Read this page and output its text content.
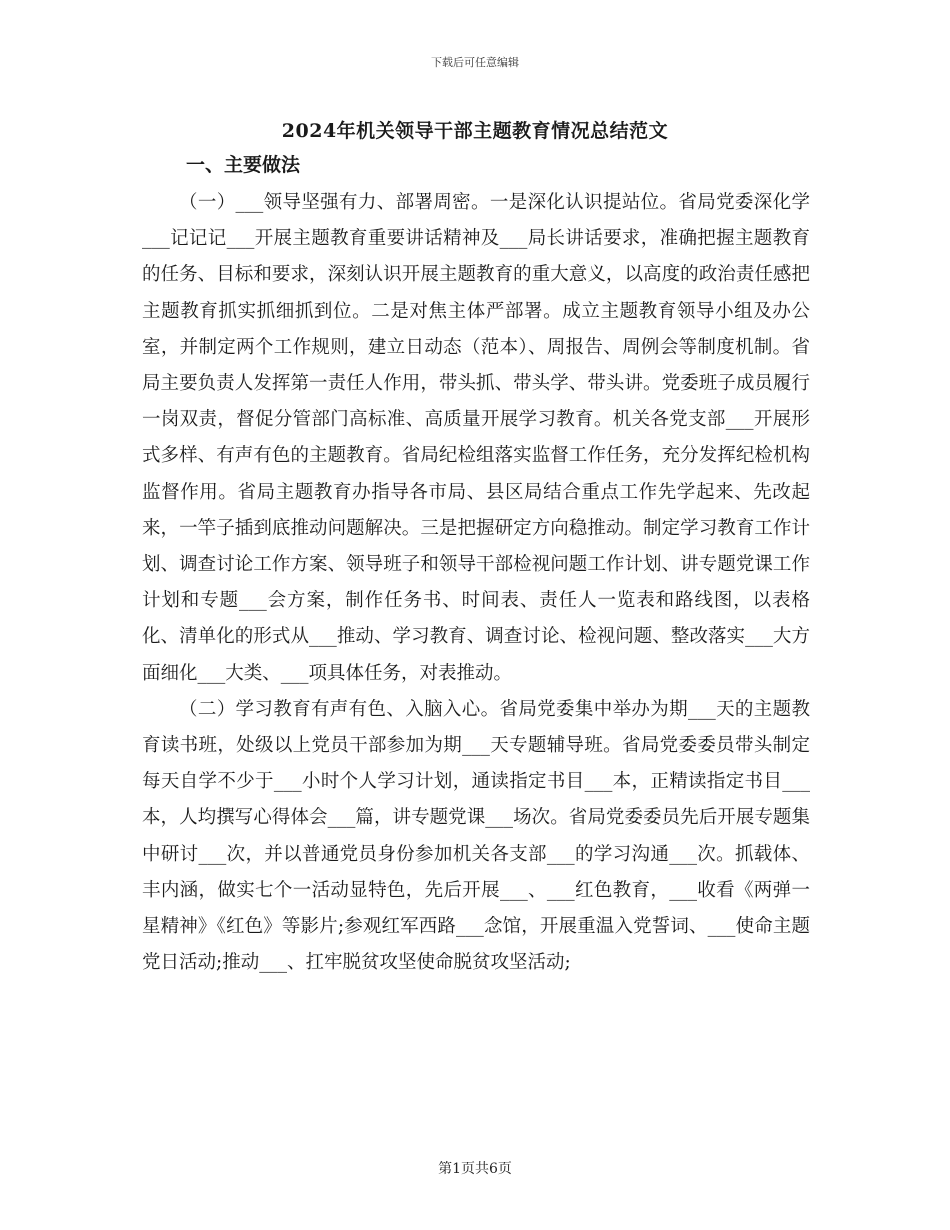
下载后可任意编辑
2024年机关领导干部主题教育情况总结范文
一、主要做法

（一）___领导坚强有力、部署周密。一是深化认识提站位。省局党委深化学___记记记___开展主题教育重要讲话精神及___局长讲话要求，准确把握主题教育的任务、目标和要求，深刻认识开展主题教育的重大意义，以高度的政治责任感把主题教育抓实抓细抓到位。二是对焦主体严部署。成立主题教育领导小组及办公室，并制定两个工作规则，建立日动态（范本）、周报告、周例会等制度机制。省局主要负责人发挥第一责任人作用，带头抓、带头学、带头讲。党委班子成员履行一岗双责，督促分管部门高标准、高质量开展学习教育。机关各党支部___开展形式多样、有声有色的主题教育。省局纪检组落实监督工作任务，充分发挥纪检机构监督作用。省局主题教育办指导各市局、县区局结合重点工作先学起来、先改起来，一竿子插到底推动问题解决。三是把握研定方向稳推动。制定学习教育工作计划、调查讨论工作方案、领导班子和领导干部检视问题工作计划、讲专题党课工作计划和专题___会方案，制作任务书、时间表、责任人一览表和路线图，以表格化、清单化的形式从___推动、学习教育、调查讨论、检视问题、整改落实___大方面细化___大类、___项具体任务，对表推动。

（二）学习教育有声有色、入脑入心。省局党委集中举办为期___天的主题教育读书班，处级以上党员干部参加为期___天专题辅导班。省局党委委员带头制定每天自学不少于___小时个人学习计划，通读指定书目___本，正精读指定书目___本，人均撰写心得体会___篇，讲专题党课___场次。省局党委委员先后开展专题集中研讨___次，并以普通党员身份参加机关各支部___的学习沟通___次。抓载体、丰内涵，做实七个一活动显特色，先后开展___、___红色教育，___收看《两弹一星精神》《红色》等影片;参观红军西路___念馆，开展重温入党誓词、___使命主题党日活动;推动___、扛牢脱贫攻坚使命脱贫攻坚活动;

第1页共6页
